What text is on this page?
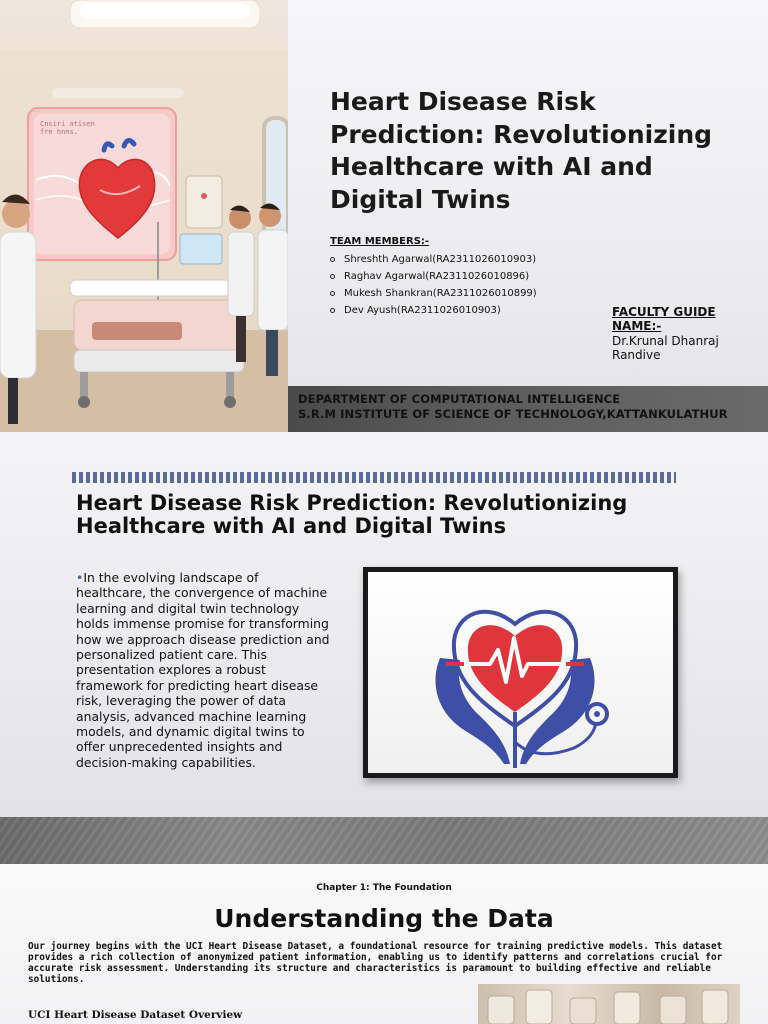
Cnsiri atisen
fre hnns.
Heart Disease Risk Prediction: Revolutionizing Healthcare with AI and Digital Twins
TEAM MEMBERS:-
Shreshth Agarwal(RA2311026010903)
Raghav Agarwal(RA2311026010896)
Mukesh Shankran(RA2311026010899)
Dev Ayush(RA2311026010903)	FACULTY GUIDE NAME:-
Dr.Krunal Dhanraj Randive
DEPARTMENT OF COMPUTATIONAL INTELLIGENCE
S.R.M INSTITUTE OF SCIENCE OF TECHNOLOGY,KATTANKULATHUR
Heart Disease Risk Prediction: Revolutionizing Healthcare with AI and Digital Twins

•In the evolving landscape of healthcare, the convergence of machine learning and digital twin technology holds immense promise for transforming how we approach disease prediction and personalized patient care. This presentation explores a robust framework for predicting heart disease risk, leveraging the power of data analysis, advanced machine learning models, and dynamic digital twins to offer unprecedented insights and decision-making capabilities.

Chapter 1: The Foundation
Understanding the Data

Our journey begins with the UCI Heart Disease Dataset, a foundational resource for training predictive models. This dataset provides a rich collection of anonymized patient information, enabling us to identify patterns and correlations crucial for accurate risk assessment. Understanding its structure and characteristics is paramount to building effective and reliable solutions.

UCI Heart Disease Dataset Overview
